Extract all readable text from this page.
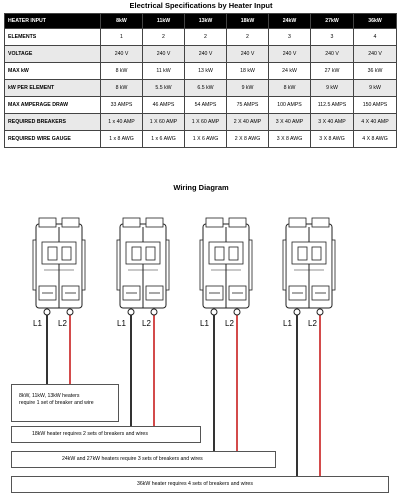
Electrical Specifications by Heater Input
HEATER INPUT	8kW	11kW	13kW	18kW	24kW	27kW	36kW
ELEMENTS	1	2	2	2	3	3	4
VOLTAGE	240 V	240 V	240 V	240 V	240 V	240 V	240 V
MAX kW	8 kW	11 kW	13 kW	18 kW	24 kW	27 kW	36 kW
kW PER ELEMENT	8 kW	5.5 kW	6.5 kW	9 kW	8 kW	9 kW	9 kW
MAX AMPERAGE DRAW	33 AMPS	46 AMPS	54 AMPS	75 AMPS	100 AMPS	112.5 AMPS	150 AMPS
REQUIRED BREAKERS	1 x 40 AMP	1 X 60 AMP	1 X 60 AMP	2 X 40 AMP	3 X 40 AMP	3 X 40 AMP	4 X 40 AMP
REQUIRED WIRE GAUGE	1 x 8 AWG	1 x 6 AWG	1 X 6 AWG	2 X 8 AWG	3 X 8 AWG	3 X 8 AWG	4 X 8 AWG
Wiring Diagram
L1 L2	L1 L2	L1 L2	L1 L2
8kW, 11kW, 13kW heaters
require 1 set of breaker and wire
18kW heater requires 2 sets of breakers and wires
24kW and 27kW heaters require 3 sets of breakers and wires
36kW heater requires 4 sets of breakers and wires
